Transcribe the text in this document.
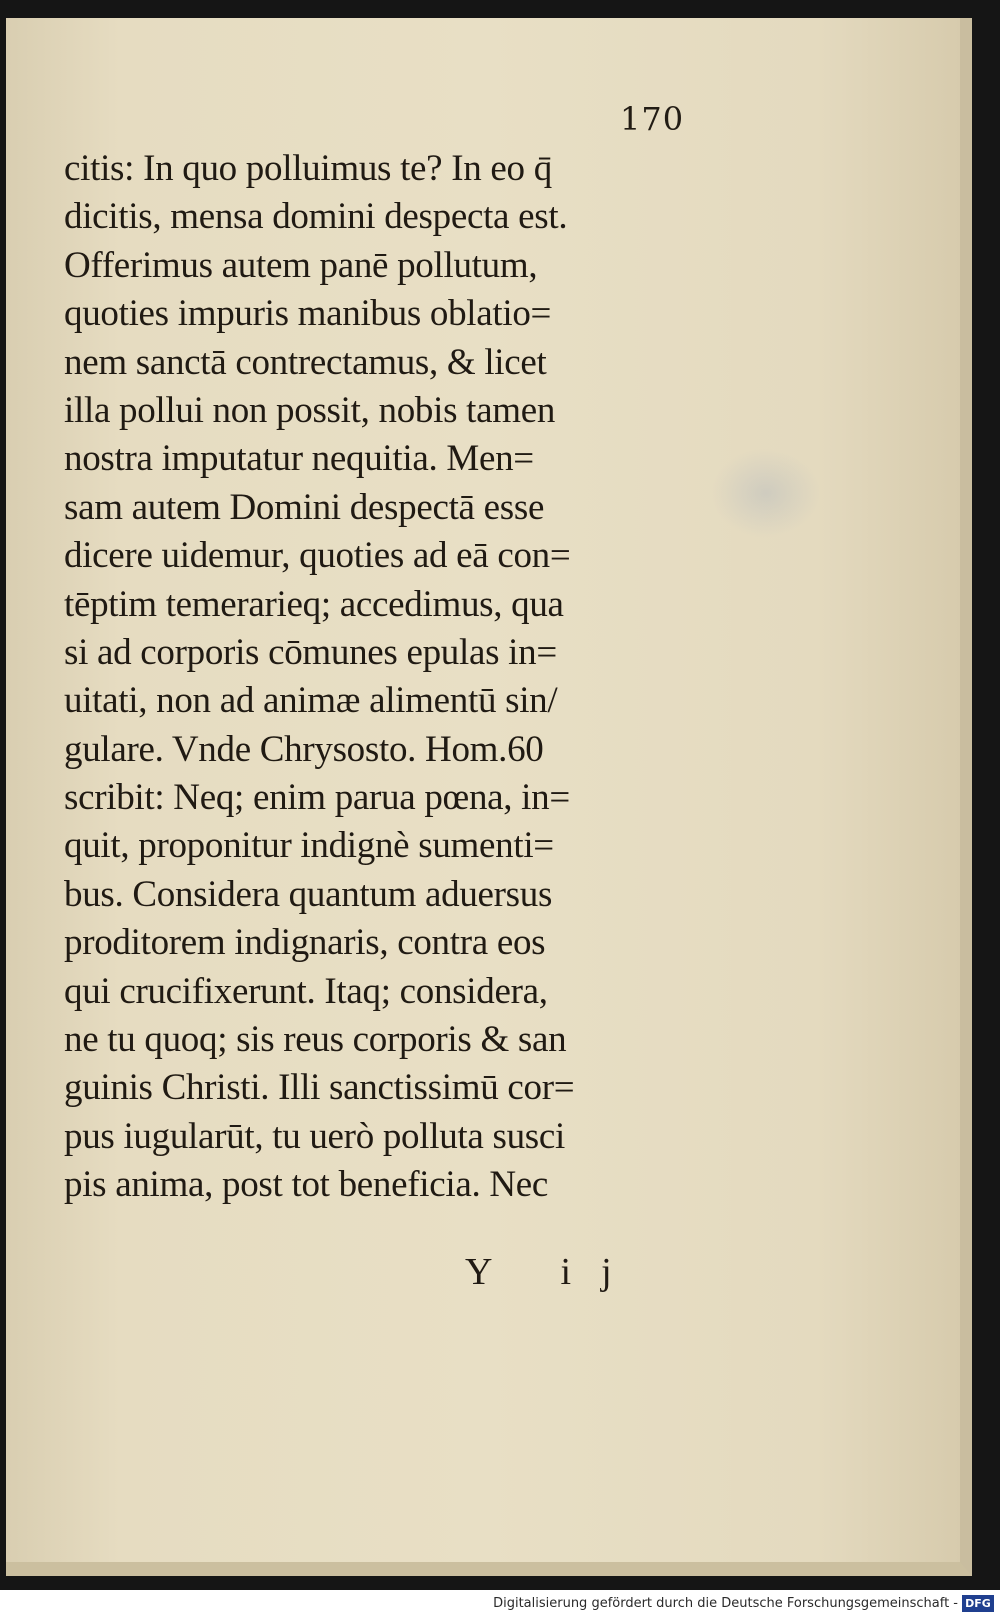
170
citis: In quo polluimus te? In eo q̄
dicitis, mensa domini despecta est.
Offerimus autem panē pollutum,
quoties impuris manibus oblatio=
nem sanctā contrectamus, & licet
illa pollui non possit, nobis tamen
nostra imputatur nequitia. Men=
sam autem Domini despectā esse
dicere uidemur, quoties ad eā con=
tēptim temerarieq; accedimus, qua
si ad corporis cōmunes epulas in=
uitati, non ad animæ alimentū sin/
gulare. Vnde Chrysosto. Hom.60
scribit: Neq; enim parua pœna, in=
quit, proponitur indignè sumenti=
bus. Considera quantum aduersus
proditorem indignaris, contra eos
qui crucifixerunt. Itaq; considera,
ne tu quoq; sis reus corporis & san
guinis Christi. Illi sanctissimū cor=
pus iugularūt, tu uerò polluta susci
pis anima, post tot beneficia. Nec
Y ij
Digitalisierung gefördert durch die Deutsche Forschungsgemeinschaft - DFG
